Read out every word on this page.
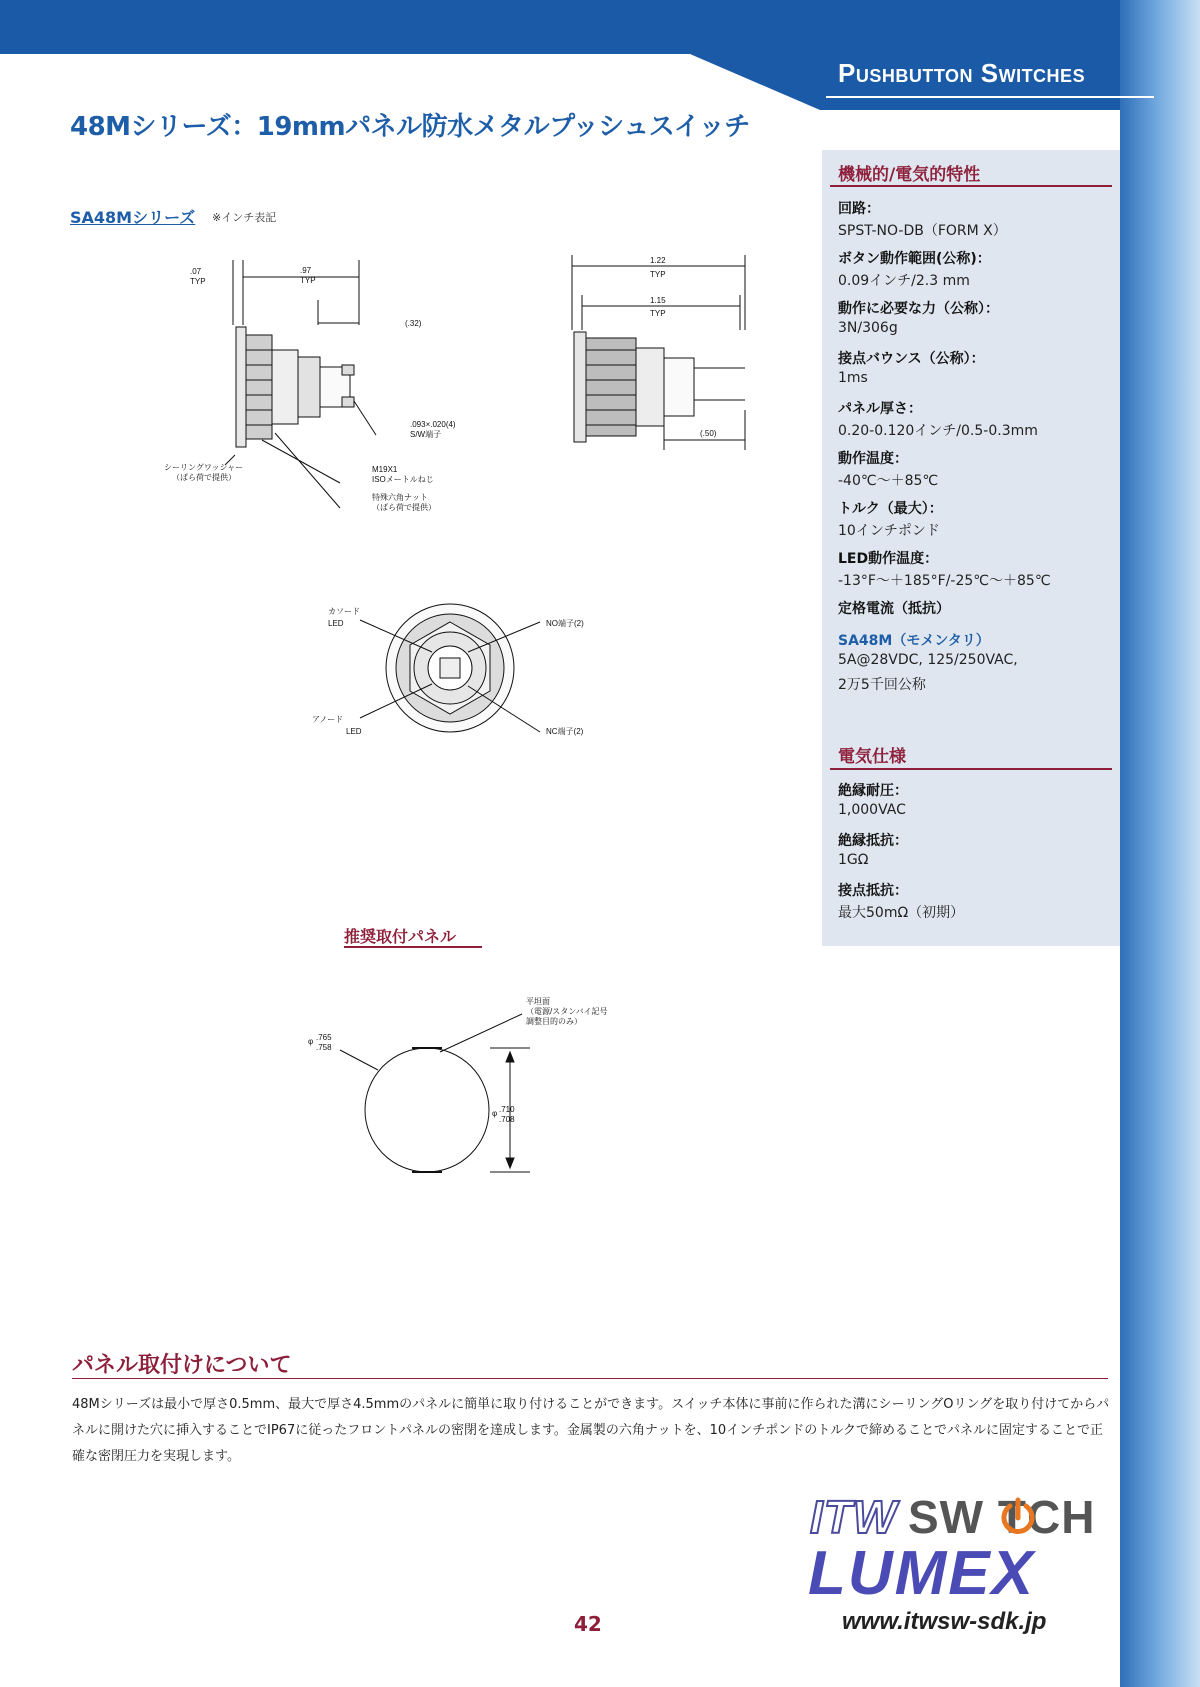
Pushbutton Switches
48Mシリーズ：19mmパネル防水メタルプッシュスイッチ
SA48Mシリーズ ※インチ表記
.07
TYP
.97
TYP
(.32)
.093×.020(4)
S/W端子
シーリングワッシャー
（ばら荷で提供）
M19X1
ISOメートルねじ
特殊六角ナット
（ばら荷で提供）
1.22
TYP
1.15
TYP
(.50)
カソード
LED	NO端子(2)
アノード
LED	NC端子(2)
推奨取付パネル
平坦面
（電源/スタンバイ記号
調整目的のみ）
φ .765
.758
φ .710
.708
機械的/電気的特性
回路：
SPST-NO-DB（FORM X）
ボタン動作範囲(公称)：
0.09インチ/2.3 mm
動作に必要な力（公称）：
3N/306g
接点バウンス（公称）：
1ms
パネル厚さ：
0.20-0.120インチ/0.5-0.3mm
動作温度：
-40℃～＋85℃
トルク（最大）：
10インチポンド
LED動作温度：
-13°F～＋185°F/-25℃～＋85℃
定格電流（抵抗）
SA48M（モメンタリ）
5A@28VDC, 125/250VAC,
2万5千回公称
電気仕様
絶縁耐圧：
1,000VAC
絶縁抵抗：
1GΩ
接点抵抗：
最大50mΩ（初期）
パネル取付けについて
48Mシリーズは最小で厚さ0.5mm、最大で厚さ4.5mmのパネルに簡単に取り付けることができます。スイッチ本体に事前に作られた溝にシーリングOリングを取り付けてからパネルに開けた穴に挿入することでIP67に従ったフロントパネルの密閉を達成します。金属製の六角ナットを、10インチポンドのトルクで締めることでパネルに固定することで正確な密閉圧力を実現します。
ITW SW TCH
LUMEX
www.itwsw-sdk.jp
42
